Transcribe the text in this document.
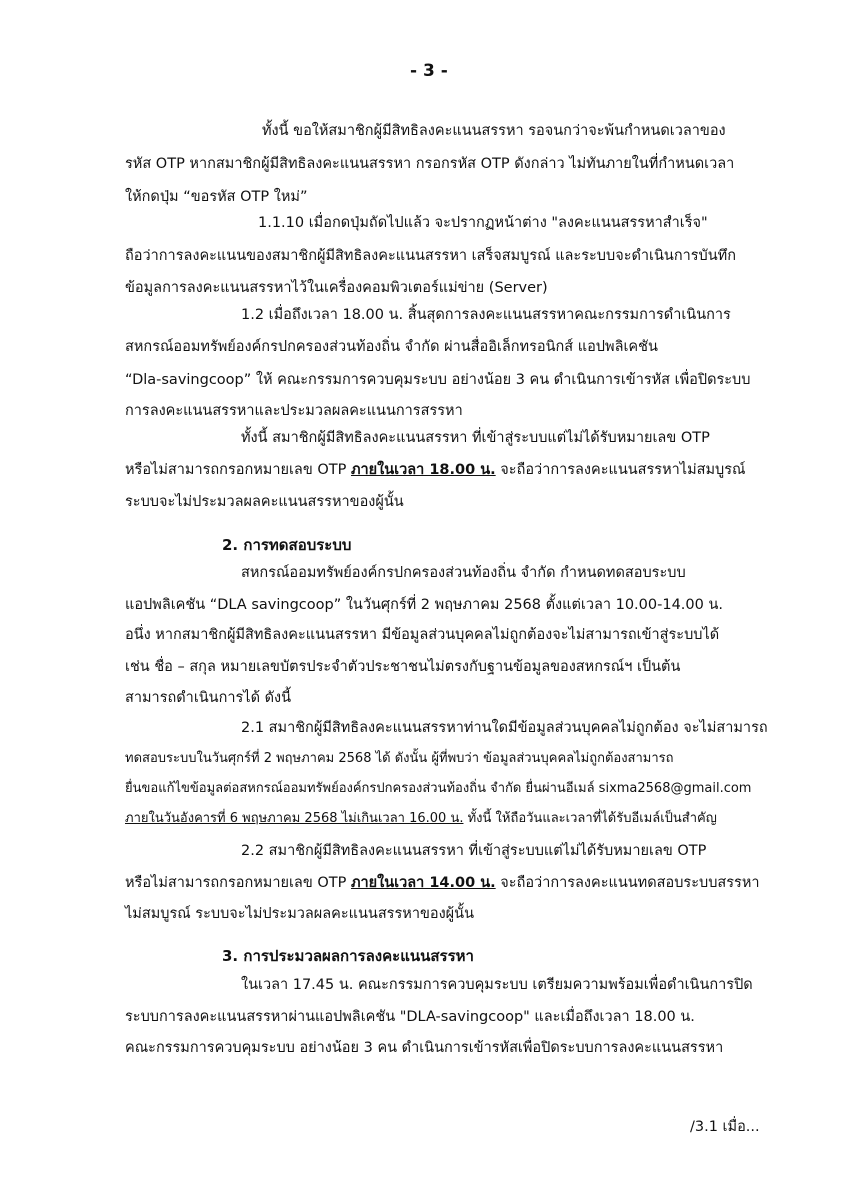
- 3 -
ทั้งนี้ ขอให้สมาชิกผู้มีสิทธิลงคะแนนสรรหา รอจนกว่าจะพ้นกำหนดเวลาของ
รหัส OTP หากสมาชิกผู้มีสิทธิลงคะแนนสรรหา กรอกรหัส OTP ดังกล่าว ไม่ทันภายในที่กำหนดเวลา
ให้กดปุ่ม “ขอรหัส OTP ใหม่”
1.1.10 เมื่อกดปุ่มถัดไปแล้ว จะปรากฏหน้าต่าง "ลงคะแนนสรรหาสำเร็จ"
ถือว่าการลงคะแนนของสมาชิกผู้มีสิทธิลงคะแนนสรรหา เสร็จสมบูรณ์ และระบบจะดำเนินการบันทึก
ข้อมูลการลงคะแนนสรรหาไว้ในเครื่องคอมพิวเตอร์แม่ข่าย (Server)
1.2 เมื่อถึงเวลา 18.00 น. สิ้นสุดการลงคะแนนสรรหาคณะกรรมการดำเนินการ
สหกรณ์ออมทรัพย์องค์กรปกครองส่วนท้องถิ่น จำกัด ผ่านสื่ออิเล็กทรอนิกส์ แอปพลิเคชัน
“Dla-savingcoop” ให้ คณะกรรมการควบคุมระบบ อย่างน้อย 3 คน ดำเนินการเข้ารหัส เพื่อปิดระบบ
การลงคะแนนสรรหาและประมวลผลคะแนนการสรรหา
ทั้งนี้ สมาชิกผู้มีสิทธิลงคะแนนสรรหา ที่เข้าสู่ระบบแต่ไม่ได้รับหมายเลข OTP
หรือไม่สามารถกรอกหมายเลข OTP ภายในเวลา 18.00 น. จะถือว่าการลงคะแนนสรรหาไม่สมบูรณ์
ระบบจะไม่ประมวลผลคะแนนสรรหาของผู้นั้น
2. การทดสอบระบบ
สหกรณ์ออมทรัพย์องค์กรปกครองส่วนท้องถิ่น จำกัด กำหนดทดสอบระบบ
แอปพลิเคชัน “DLA savingcoop” ในวันศุกร์ที่ 2 พฤษภาคม 2568 ตั้งแต่เวลา 10.00-14.00 น.
อนึ่ง หากสมาชิกผู้มีสิทธิลงคะแนนสรรหา มีข้อมูลส่วนบุคคลไม่ถูกต้องจะไม่สามารถเข้าสู่ระบบได้
เช่น ชื่อ – สกุล หมายเลขบัตรประจำตัวประชาชนไม่ตรงกับฐานข้อมูลของสหกรณ์ฯ เป็นต้น
สามารถดำเนินการได้ ดังนี้
2.1 สมาชิกผู้มีสิทธิลงคะแนนสรรหาท่านใดมีข้อมูลส่วนบุคคลไม่ถูกต้อง จะไม่สามารถ
ทดสอบระบบในวันศุกร์ที่ 2 พฤษภาคม 2568 ได้ ดังนั้น ผู้ที่พบว่า ข้อมูลส่วนบุคคลไม่ถูกต้องสามารถ
ยื่นขอแก้ไขข้อมูลต่อสหกรณ์ออมทรัพย์องค์กรปกครองส่วนท้องถิ่น จำกัด ยื่นผ่านอีเมล์ sixma2568@gmail.com
ภายในวันอังคารที่ 6 พฤษภาคม 2568 ไม่เกินเวลา 16.00 น. ทั้งนี้ ให้ถือวันและเวลาที่ได้รับอีเมล์เป็นสำคัญ
2.2 สมาชิกผู้มีสิทธิลงคะแนนสรรหา ที่เข้าสู่ระบบแต่ไม่ได้รับหมายเลข OTP
หรือไม่สามารถกรอกหมายเลข OTP ภายในเวลา 14.00 น. จะถือว่าการลงคะแนนทดสอบระบบสรรหา
ไม่สมบูรณ์ ระบบจะไม่ประมวลผลคะแนนสรรหาของผู้นั้น
3. การประมวลผลการลงคะแนนสรรหา
ในเวลา 17.45 น. คณะกรรมการควบคุมระบบ เตรียมความพร้อมเพื่อดำเนินการปิด
ระบบการลงคะแนนสรรหาผ่านแอปพลิเคชัน "DLA-savingcoop" และเมื่อถึงเวลา 18.00 น.
คณะกรรมการควบคุมระบบ อย่างน้อย 3 คน ดำเนินการเข้ารหัสเพื่อปิดระบบการลงคะแนนสรรหา
/3.1 เมื่อ...
